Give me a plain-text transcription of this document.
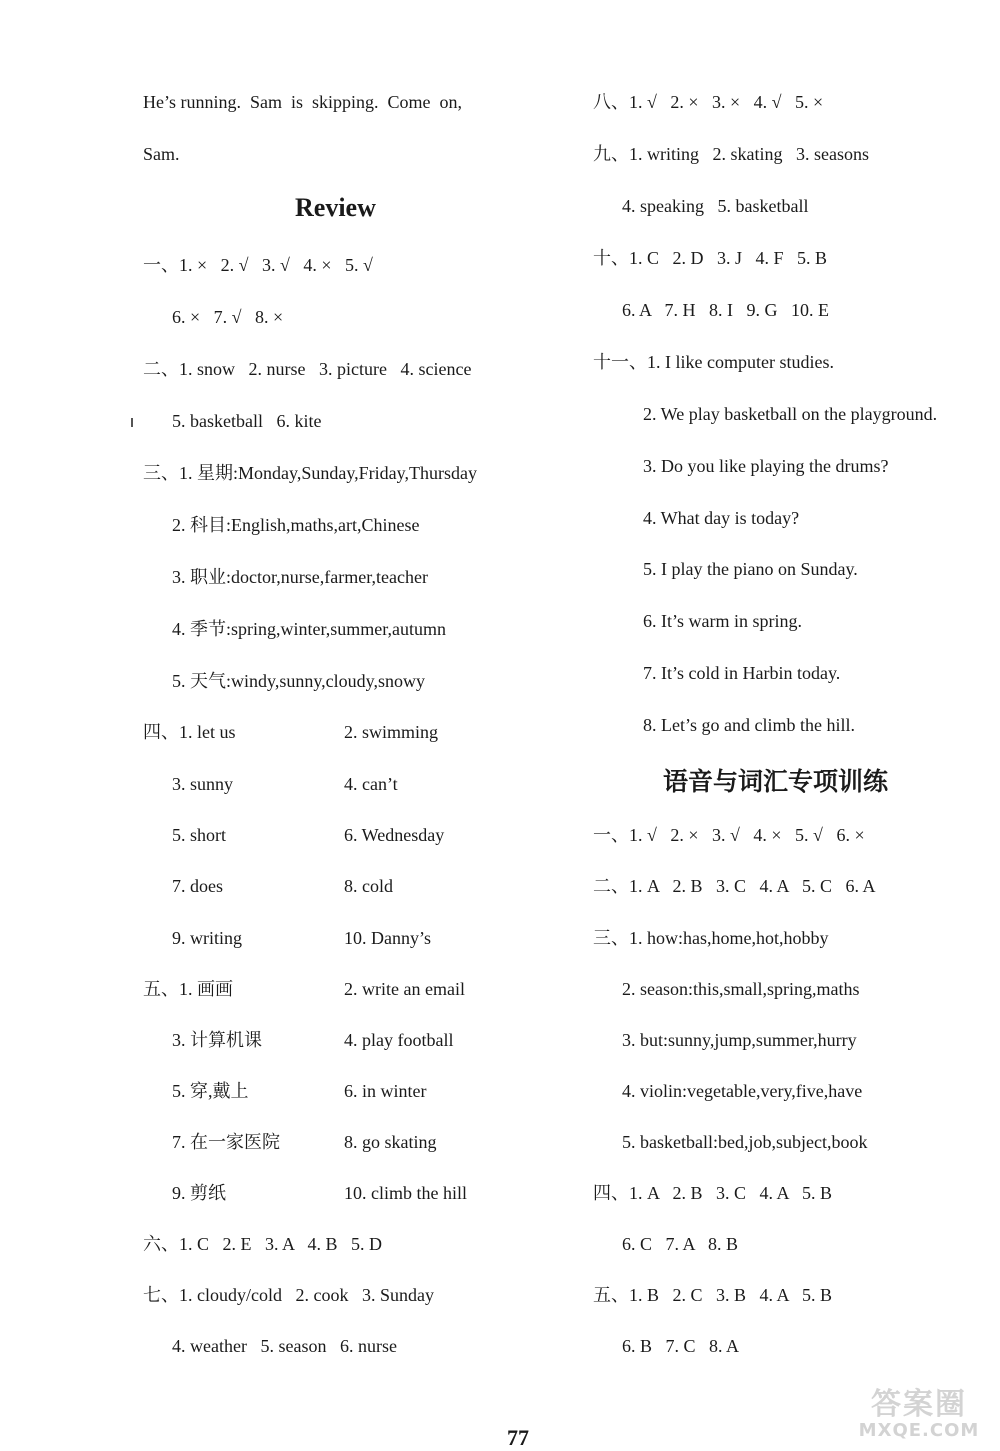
He’s running.  Sam  is  skipping.  Come  on,
Sam.
Review
一、1. ×   2. √   3. √   4. ×   5. √
6. ×   7. √   8. ×
二、1. snow   2. nurse   3. picture   4. science
5. basketball   6. kite
三、1. 星期:Monday,Sunday,Friday,Thursday
2. 科目:English,maths,art,Chinese
3. 职业:doctor,nurse,farmer,teacher
4. 季节:spring,winter,summer,autumn
5. 天气:windy,sunny,cloudy,snowy
四、1. let us	2. swimming
3. sunny	4. can’t
5. short	6. Wednesday
7. does	8. cold
9. writing	10. Danny’s
五、1. 画画	2. write an email
3. 计算机课	4. play football
5. 穿,戴上	6. in winter
7. 在一家医院	8. go skating
9. 剪纸	10. climb the hill
六、1. C   2. E   3. A   4. B   5. D
七、1. cloudy/cold   2. cook   3. Sunday
4. weather   5. season   6. nurse
八、1. √   2. ×   3. ×   4. √   5. ×
九、1. writing   2. skating   3. seasons
4. speaking   5. basketball
十、1. C   2. D   3. J   4. F   5. B
6. A   7. H   8. I   9. G   10. E
十一、1. I like computer studies.
2. We play basketball on the playground.
3. Do you like playing the drums?
4. What day is today?
5. I play the piano on Sunday.
6. It’s warm in spring.
7. It’s cold in Harbin today.
8. Let’s go and climb the hill.
语音与词汇专项训练
一、1. √   2. ×   3. √   4. ×   5. √   6. ×
二、1. A   2. B   3. C   4. A   5. C   6. A
三、1. how:has,home,hot,hobby
2. season:this,small,spring,maths
3. but:sunny,jump,summer,hurry
4. violin:vegetable,very,five,have
5. basketball:bed,job,subject,book
四、1. A   2. B   3. C   4. A   5. B
6. C   7. A   8. B
五、1. B   2. C   3. B   4. A   5. B
6. B   7. C   8. A
77
答案圈
MXQE.COM
